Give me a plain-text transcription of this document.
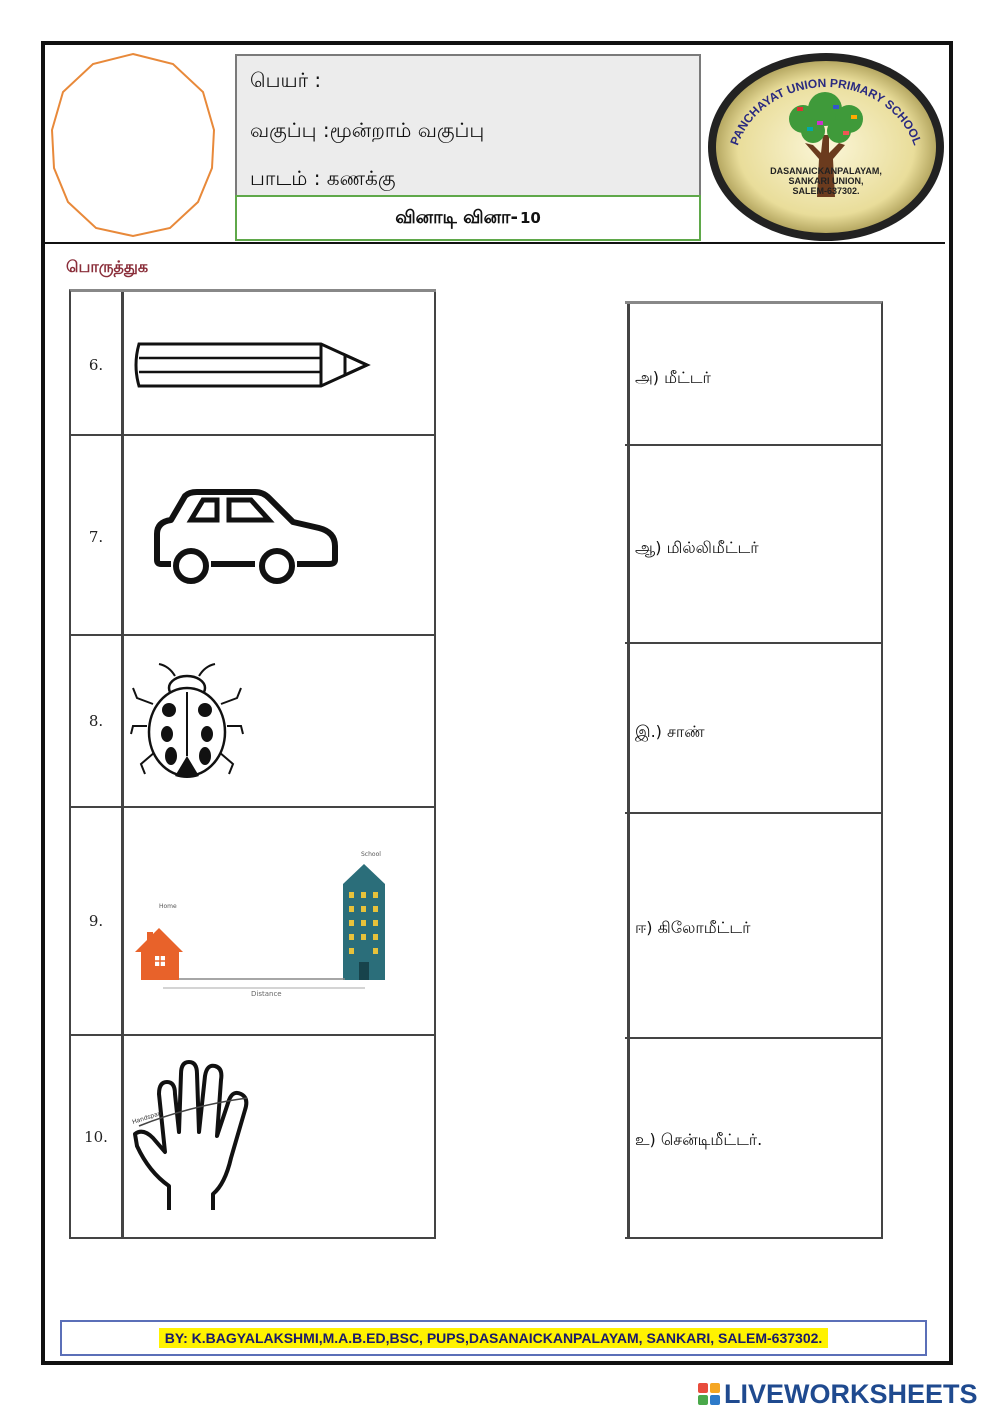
பெயர் :
வகுப்பு :மூன்றாம் வகுப்பு
பாடம் : கணக்கு
வினாடி வினா- 10
PANCHAYAT UNION PRIMARY SCHOOL
DASANAICKANPALAYAM,
SANKARI UNION,
SALEM-637302.
பொருத்துக
6.
7.
8.
9.
10.
Home
School
Distance
Handspan
அ) மீட்டர்
ஆ) மில்லிமீட்டர்
இ.) சாண்
ஈ) கிலோமீட்டர்
உ) சென்டிமீட்டர்.
BY: K.BAGYALAKSHMI,M.A.B.ED,BSC, PUPS,DASANAICKANPALAYAM, SANKARI, SALEM-637302.
LIVEWORKSHEETS
